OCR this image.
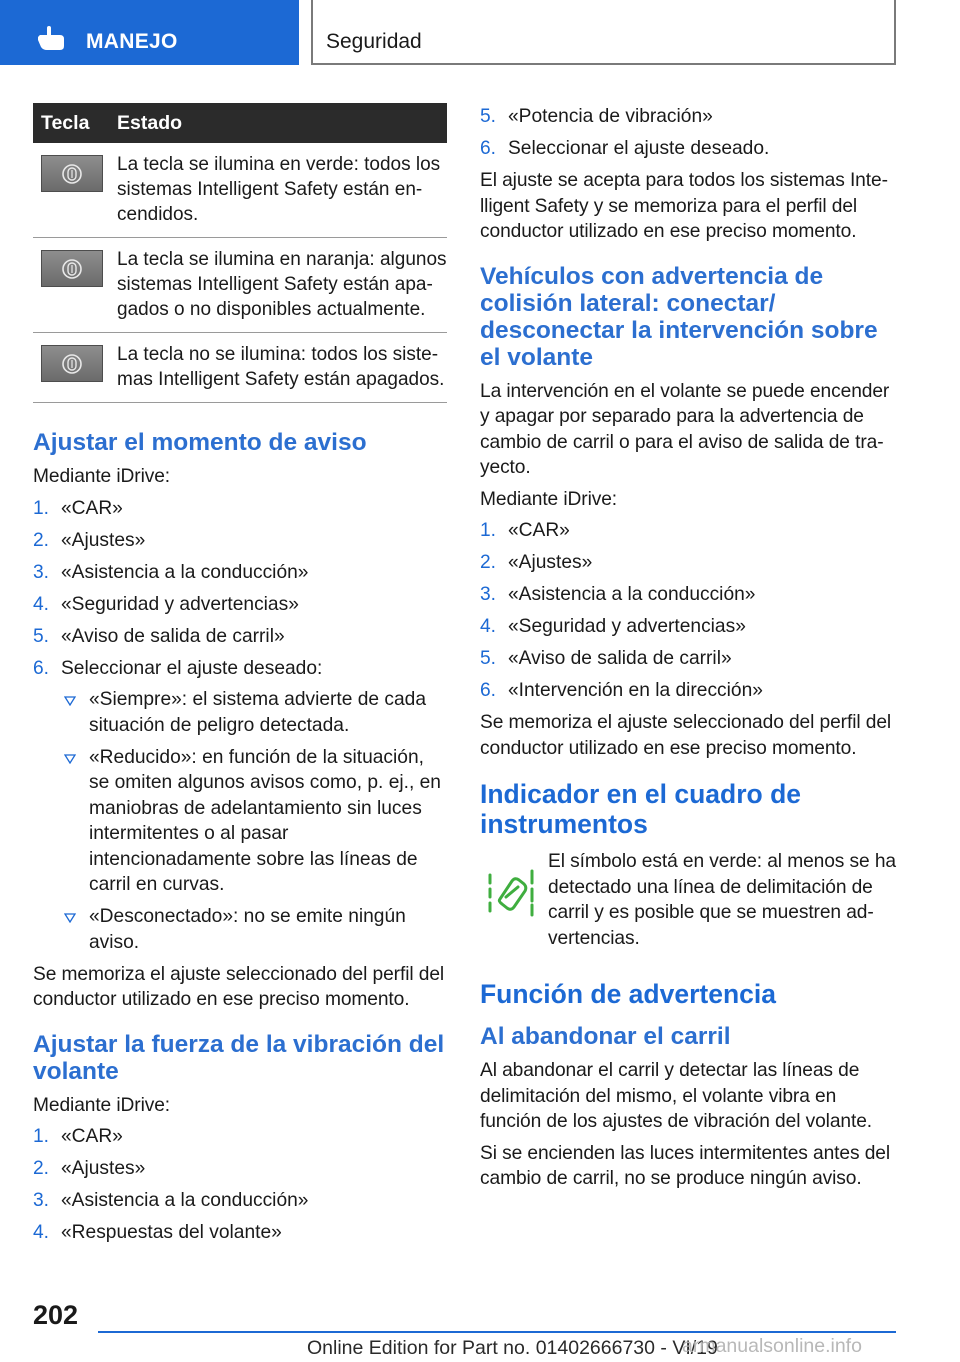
MANEJO	Seguridad
Tecla	Estado

	La tecla se ilumina en verde: todos los sistemas Intelligent Safety están encendidos.

	La tecla se ilumina en naranja: algunos sistemas Intelligent Safety están apagados o no disponibles actualmente.

	La tecla no se ilumina: todos los sistemas Intelligent Safety están apagados.
Ajustar el momento de aviso

Mediante iDrive:

1. «CAR»
2. «Ajustes»
3. «Asistencia a la conducción»
4. «Seguridad y advertencias»
5. «Aviso de salida de carril»
6. Seleccionar el ajuste deseado:
«Siempre»: el sistema advierte de cada situación de peligro detectada.
«Reducido»: en función de la situación, se omiten algunos avisos como, p. ej., en maniobras de adelantamiento sin luces intermitentes o al pasar intencionadamente sobre las líneas de carril en curvas.
«Desconectado»: no se emite ningún aviso.

Se memoriza el ajuste seleccionado del perfil del conductor utilizado en ese preciso momento.

Ajustar la fuerza de la vibración del volante

Mediante iDrive:

1. «CAR»
2. «Ajustes»
3. «Asistencia a la conducción»
4. «Respuestas del volante»
5. «Potencia de vibración»
6. Seleccionar el ajuste deseado.

El ajuste se acepta para todos los sistemas Intelligent Safety y se memoriza para el perfil del conductor utilizado en ese preciso momento.

Vehículos con advertencia de colisión lateral: conectar/ desconectar la intervención sobre el volante

La intervención en el volante se puede encender y apagar por separado para la advertencia de cambio de carril o para el aviso de salida de trayecto.

Mediante iDrive:

1. «CAR»
2. «Ajustes»
3. «Asistencia a la conducción»
4. «Seguridad y advertencias»
5. «Aviso de salida de carril»
6. «Intervención en la dirección»

Se memoriza el ajuste seleccionado del perfil del conductor utilizado en ese preciso momento.

Indicador en el cuadro de instrumentos

El símbolo está en verde: al menos se ha detectado una línea de delimitación de carril y es posible que se muestren advertencias.

Función de advertencia
Al abandonar el carril

Al abandonar el carril y detectar las líneas de delimitación del mismo, el volante vibra en función de los ajustes de vibración del volante.

Si se encienden las luces intermitentes antes del cambio de carril, no se produce ningún aviso.

202
Online Edition for Part no. 01402666730 - VI/19
armanualsonline.info
